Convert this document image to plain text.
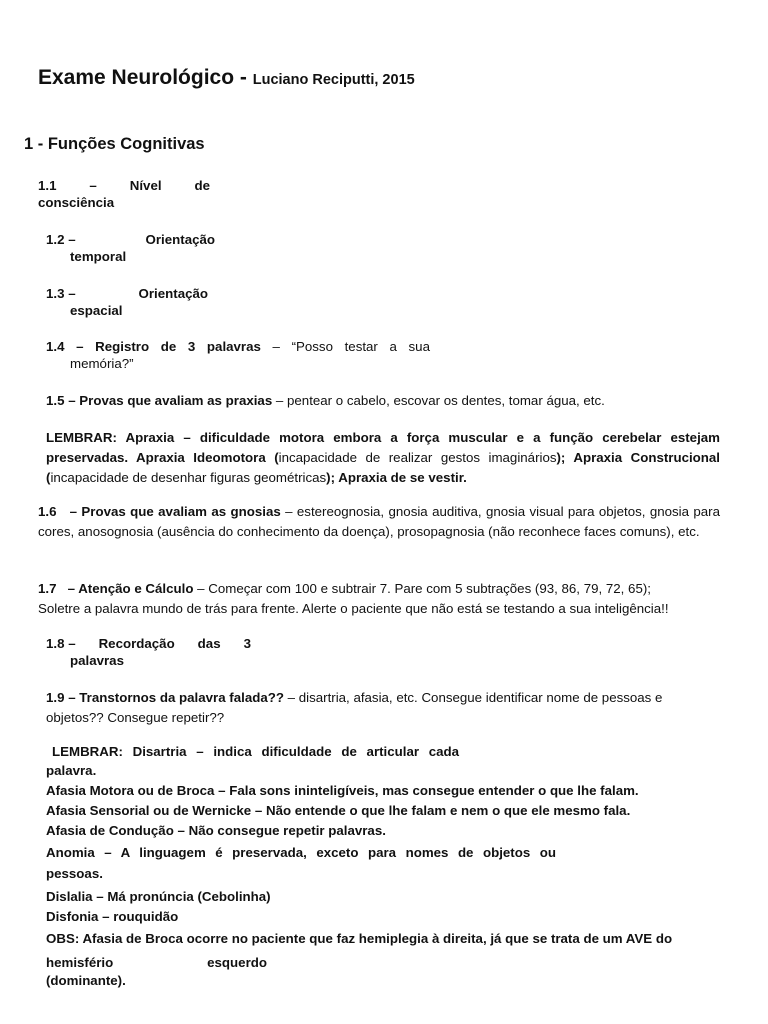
Exame Neurológico - Luciano Reciputti, 2015
1 - Funções Cognitivas
1.1 – Nível de
consciência
1.2 –	Orientação
temporal
1.3 –	Orientação
espacial
1.4 – Registro de 3 palavras – “Posso testar a sua
memória?”
1.5 – Provas que avaliam as praxias – pentear o cabelo, escovar os dentes, tomar água, etc.
LEMBRAR: Apraxia – dificuldade motora embora a força muscular e a função cerebelar estejam preservadas. Apraxia Ideomotora (incapacidade de realizar gestos imaginários); Apraxia Construcional (incapacidade de desenhar figuras geométricas); Apraxia de se vestir.
1.6 – Provas que avaliam as gnosias – estereognosia, gnosia auditiva, gnosia visual para objetos, gnosia para cores, anosognosia (ausência do conhecimento da doença), prosopagnosia (não reconhece faces comuns), etc.
1.7 – Atenção e Cálculo – Começar com 100 e subtrair 7. Pare com 5 subtrações (93, 86, 79, 72, 65);
Soletre a palavra mundo de trás para frente. Alerte o paciente que não está se testando a sua inteligência!!
1.8 – Recordação das 3
palavras
1.9 – Transtornos da palavra falada?? – disartria, afasia, etc. Consegue identificar nome de pessoas e
objetos?? Consegue repetir??
LEMBRAR: Disartria – indica dificuldade de articular cada
palavra.
Afasia Motora ou de Broca – Fala sons ininteligíveis, mas consegue entender o que lhe falam.
Afasia Sensorial ou de Wernicke – Não entende o que lhe falam e nem o que ele mesmo fala.
Afasia de Condução – Não consegue repetir palavras.
Anomia – A linguagem é preservada, exceto para nomes de objetos ou
pessoas.
Dislalia – Má pronúncia (Cebolinha)
Disfonia – rouquidão
OBS: Afasia de Broca ocorre no paciente que faz hemiplegia à direita, já que se trata de um AVE do
hemisfério	esquerdo
(dominante).
